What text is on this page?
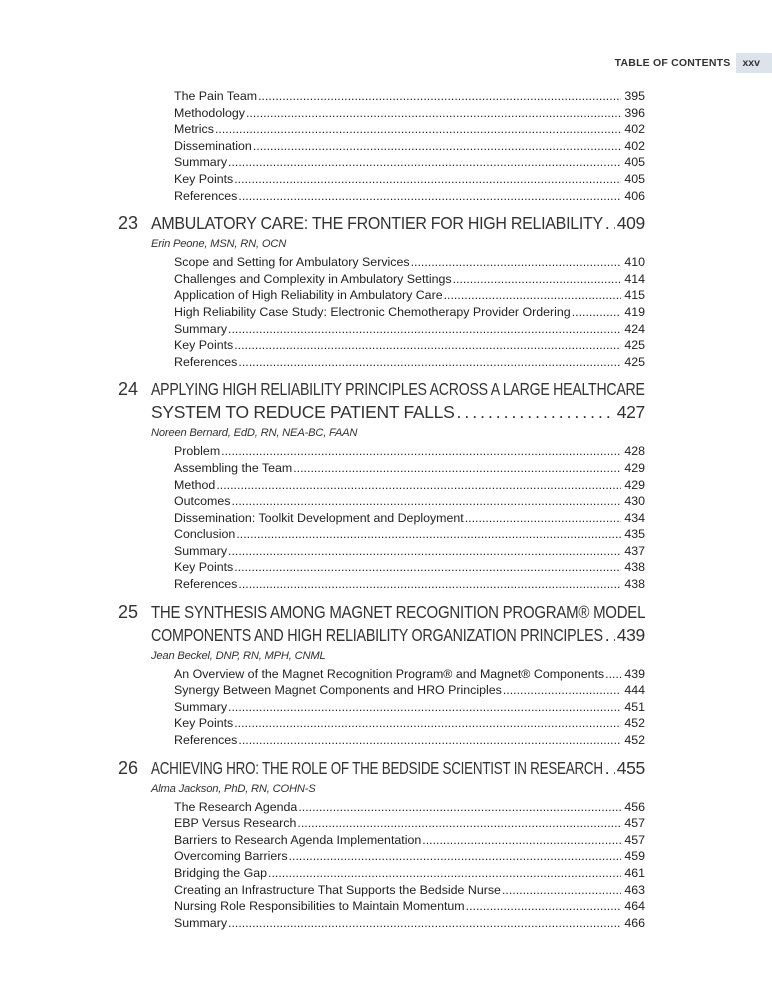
TABLE OF CONTENTS	xxv
The Pain Team .....	395
Methodology .....	396
Metrics .....	402
Dissemination .....	402
Summary .....	405
Key Points .....	405
References .....	406
23 AMBULATORY CARE: THE FRONTIER FOR HIGH RELIABILITY ..... 409
Erin Peone, MSN, RN, OCN
Scope and Setting for Ambulatory Services .....	410
Challenges and Complexity in Ambulatory Settings .....	414
Application of High Reliability in Ambulatory Care .....	415
High Reliability Case Study: Electronic Chemotherapy Provider Ordering .....	419
Summary .....	424
Key Points .....	425
References .....	425
24 APPLYING HIGH RELIABILITY PRINCIPLES ACROSS A LARGE HEALTHCARE
SYSTEM TO REDUCE PATIENT FALLS .....	427
Noreen Bernard, EdD, RN, NEA-BC, FAAN
Problem .....	428
Assembling the Team .....	429
Method .....	429
Outcomes .....	430
Dissemination: Toolkit Development and Deployment .....	434
Conclusion .....	435
Summary .....	437
Key Points .....	438
References .....	438
25 THE SYNTHESIS AMONG MAGNET RECOGNITION PROGRAM® MODEL
COMPONENTS AND HIGH RELIABILITY ORGANIZATION PRINCIPLES ..... 439
Jean Beckel, DNP, RN, MPH, CNML
An Overview of the Magnet Recognition Program® and Magnet® Components ..... 439
Synergy Between Magnet Components and HRO Principles .....	444
Summary .....	451
Key Points .....	452
References .....	452
26 ACHIEVING HRO: THE ROLE OF THE BEDSIDE SCIENTIST IN RESEARCH ..... 455
Alma Jackson, PhD, RN, COHN-S
The Research Agenda .....	456
EBP Versus Research .....	457
Barriers to Research Agenda Implementation .....	457
Overcoming Barriers .....	459
Bridging the Gap .....	461
Creating an Infrastructure That Supports the Bedside Nurse .....	463
Nursing Role Responsibilities to Maintain Momentum .....	464
Summary .....	466
